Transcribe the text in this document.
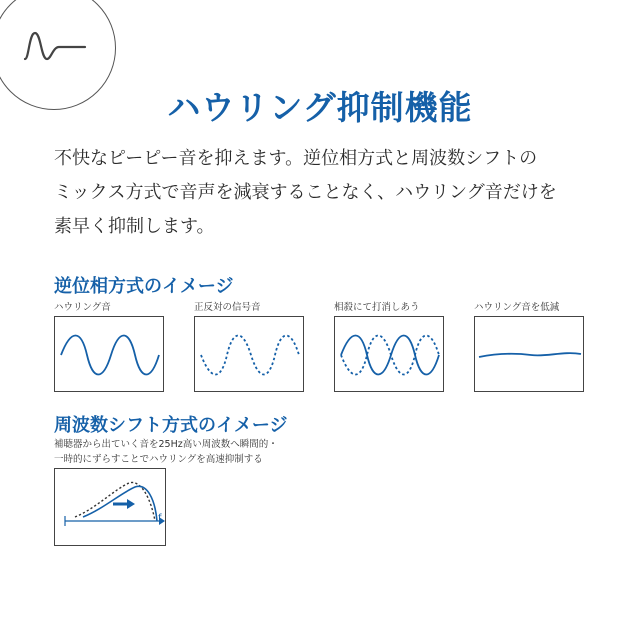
ハウリング抑制機能
不快なピーピー音を抑えます。逆位相方式と周波数シフトの
ミックス方式で音声を減衰することなく、ハウリング音だけを
素早く抑制します。
逆位相方式のイメージ
ハウリング音	正反対の信号音	相殺にて打消しあう	ハウリング音を低減
周波数シフト方式のイメージ
補聴器から出ていく音を25Hz高い周波数へ瞬間的・
一時的にずらすことでハウリングを高速抑制する
f
